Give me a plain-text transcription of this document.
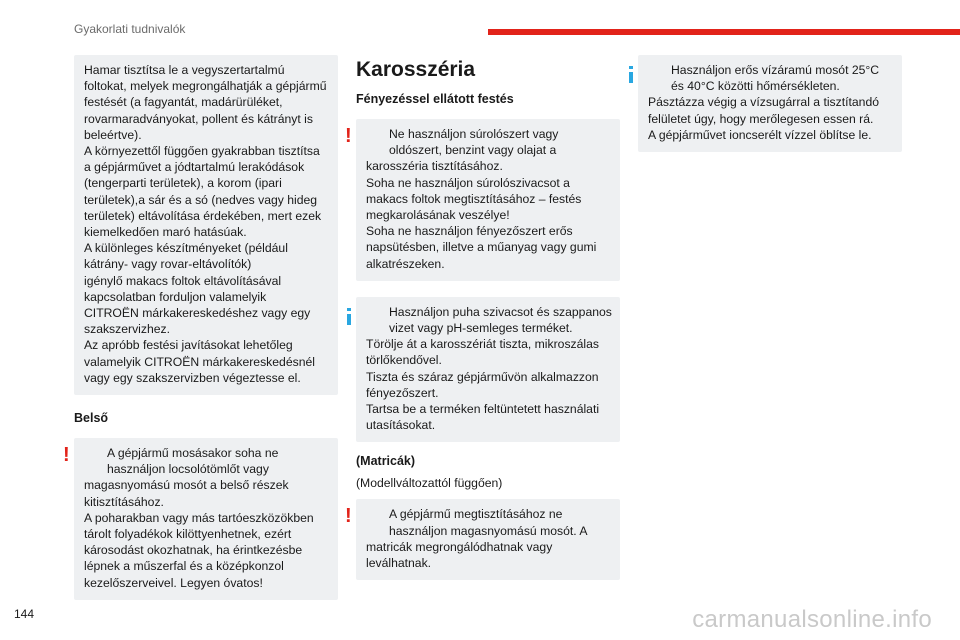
Gyakorlati tudnivalók
Hamar tisztítsa le a vegyszertartalmú
foltokat, melyek megrongálhatják a gépjármű
festését (a fagyantát, madárürüléket,
rovarmaradványokat, pollent és kátrányt is
beleértve).
A környezettől függően gyakrabban tisztítsa
a gépjárművet a jódtartalmú lerakódások
(tengerparti területek), a korom (ipari
területek),a sár és a só (nedves vagy hideg
területek) eltávolítása érdekében, mert ezek
kiemelkedően maró hatásúak.
A különleges készítményeket (például
kátrány- vagy rovar-eltávolítók)
igénylő makacs foltok eltávolításával
kapcsolatban forduljon valamelyik
CITROËN márkakereskedéshez vagy egy
szakszervizhez.
Az apróbb festési javításokat lehetőleg
valamelyik CITROËN márkakereskedésnél
vagy egy szakszervizben végeztesse el.
Belső
!	A gépjármű mosásakor soha ne
használjon locsolótömlőt vagy
magasnyomású mosót a belső részek
kitisztításához.
A poharakban vagy más tartóeszközökben
tárolt folyadékok kilöttyenhetnek, ezért
károsodást okozhatnak, ha érintkezésbe
lépnek a műszerfal és a középkonzol
kezelőszerveivel. Legyen óvatos!
Karosszéria
Fényezéssel ellátott festés
!	Ne használjon súrolószert vagy
oldószert, benzint vagy olajat a
karosszéria tisztításához.
Soha ne használjon súrolószivacsot a
makacs foltok megtisztításához – festés
megkarolásának veszélye!
Soha ne használjon fényezőszert erős
napsütésben, illetve a műanyag vagy gumi
alkatrészeken.
Használjon puha szivacsot és szappanos
vizet vagy pH-semleges terméket.
Törölje át a karosszériát tiszta, mikroszálas
törlőkendővel.
Tiszta és száraz gépjárművön alkalmazzon
fényezőszert.
Tartsa be a terméken feltüntetett használati
utasításokat.
(Matricák)
(Modellváltozattól függően)
!	A gépjármű megtisztításához ne
használjon magasnyomású mosót. A
matricák megrongálódhatnak vagy
leválhatnak.
Használjon erős vízáramú mosót 25°C
és 40°C közötti hőmérsékleten.
Pásztázza végig a vízsugárral a tisztítandó
felületet úgy, hogy merőlegesen essen rá.
A gépjárművet ioncserélt vízzel öblítse le.
144	carmanualsonline.info
